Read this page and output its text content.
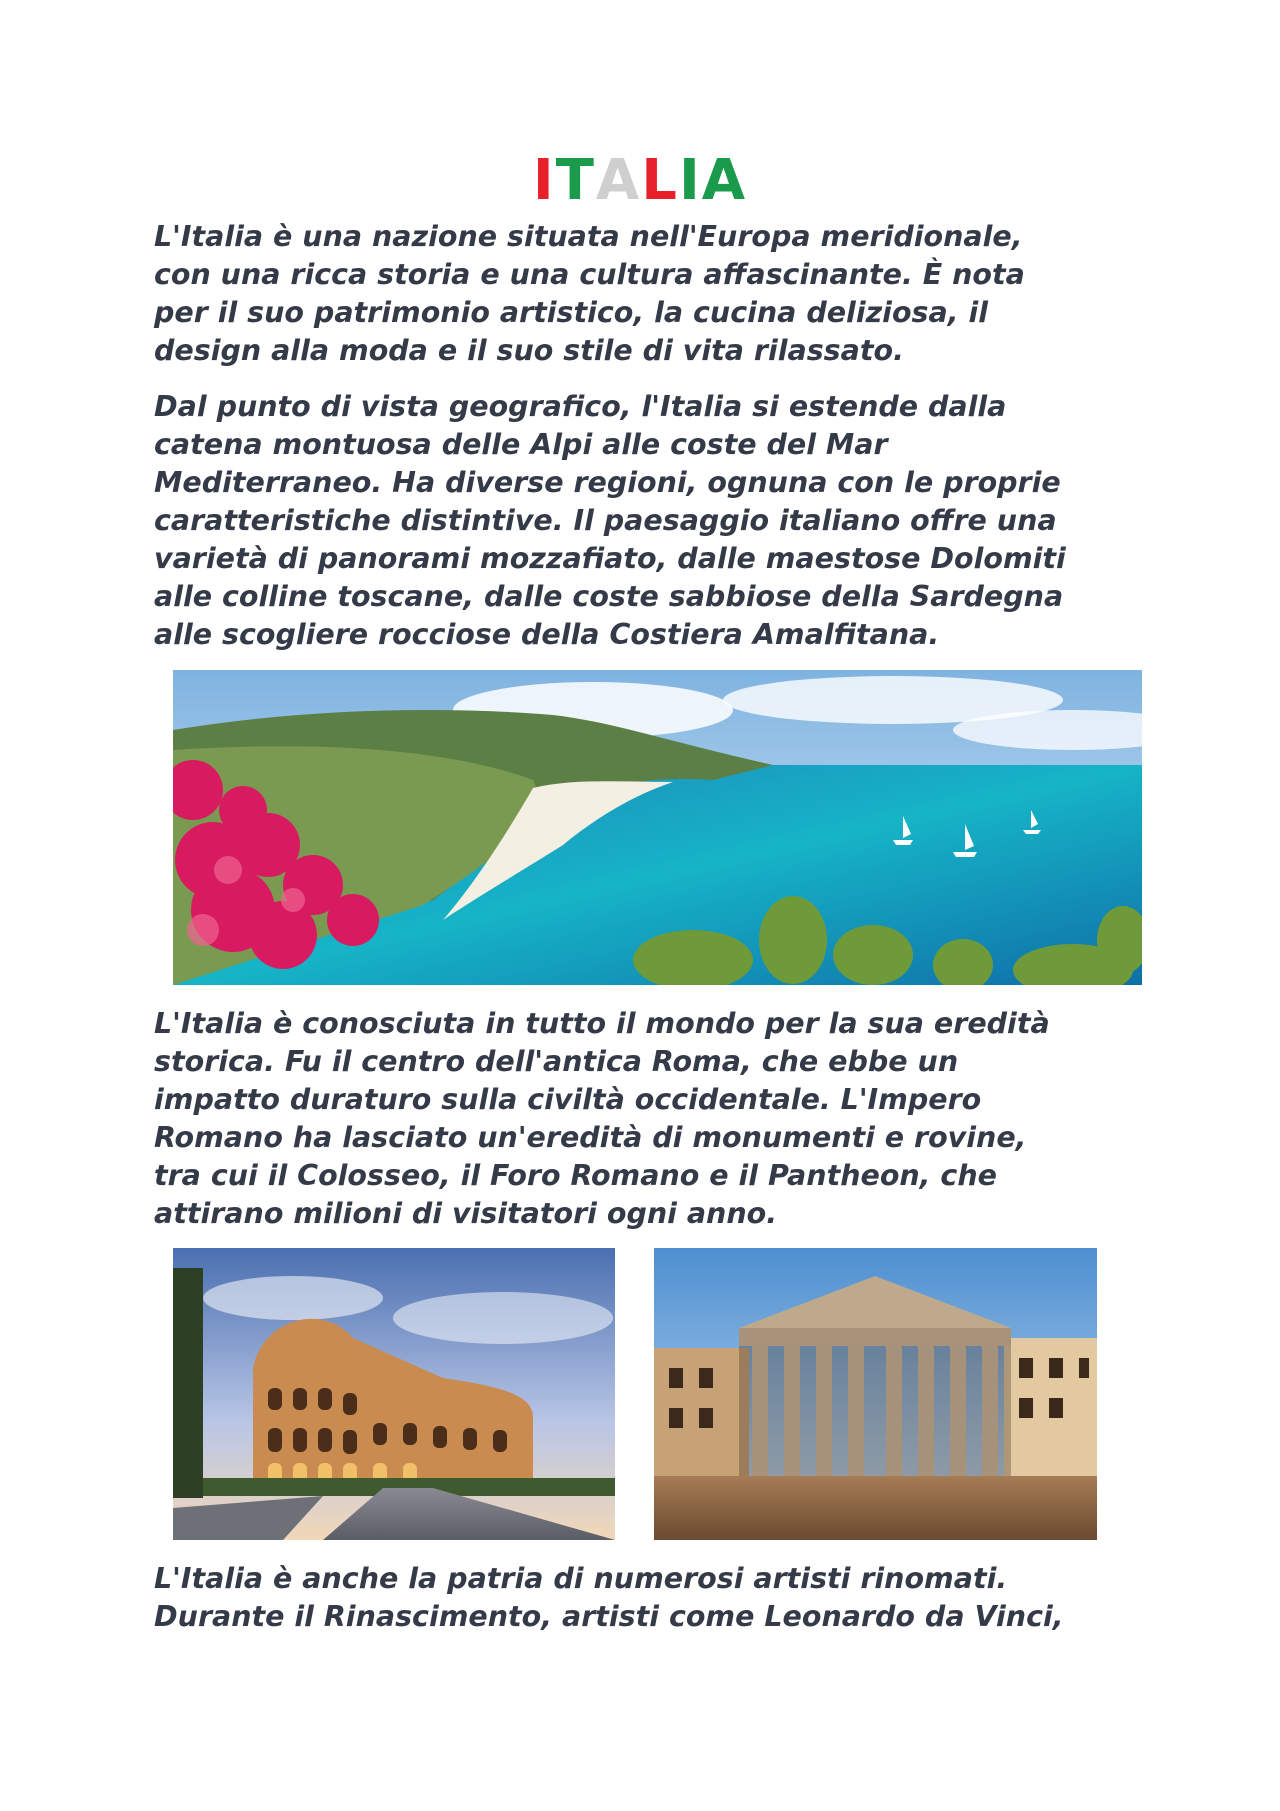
ITALIA

L'Italia è una nazione situata nell'Europa meridionale,
con una ricca storia e una cultura affascinante. È nota
per il suo patrimonio artistico, la cucina deliziosa, il
design alla moda e il suo stile di vita rilassato.

Dal punto di vista geografico, l'Italia si estende dalla
catena montuosa delle Alpi alle coste del Mar
Mediterraneo. Ha diverse regioni, ognuna con le proprie
caratteristiche distintive. Il paesaggio italiano offre una
varietà di panorami mozzafiato, dalle maestose Dolomiti
alle colline toscane, dalle coste sabbiose della Sardegna
alle scogliere rocciose della Costiera Amalfitana.

L'Italia è conosciuta in tutto il mondo per la sua eredità
storica. Fu il centro dell'antica Roma, che ebbe un
impatto duraturo sulla civiltà occidentale. L'Impero
Romano ha lasciato un'eredità di monumenti e rovine,
tra cui il Colosseo, il Foro Romano e il Pantheon, che
attirano milioni di visitatori ogni anno.

L'Italia è anche la patria di numerosi artisti rinomati.
Durante il Rinascimento, artisti come Leonardo da Vinci,
